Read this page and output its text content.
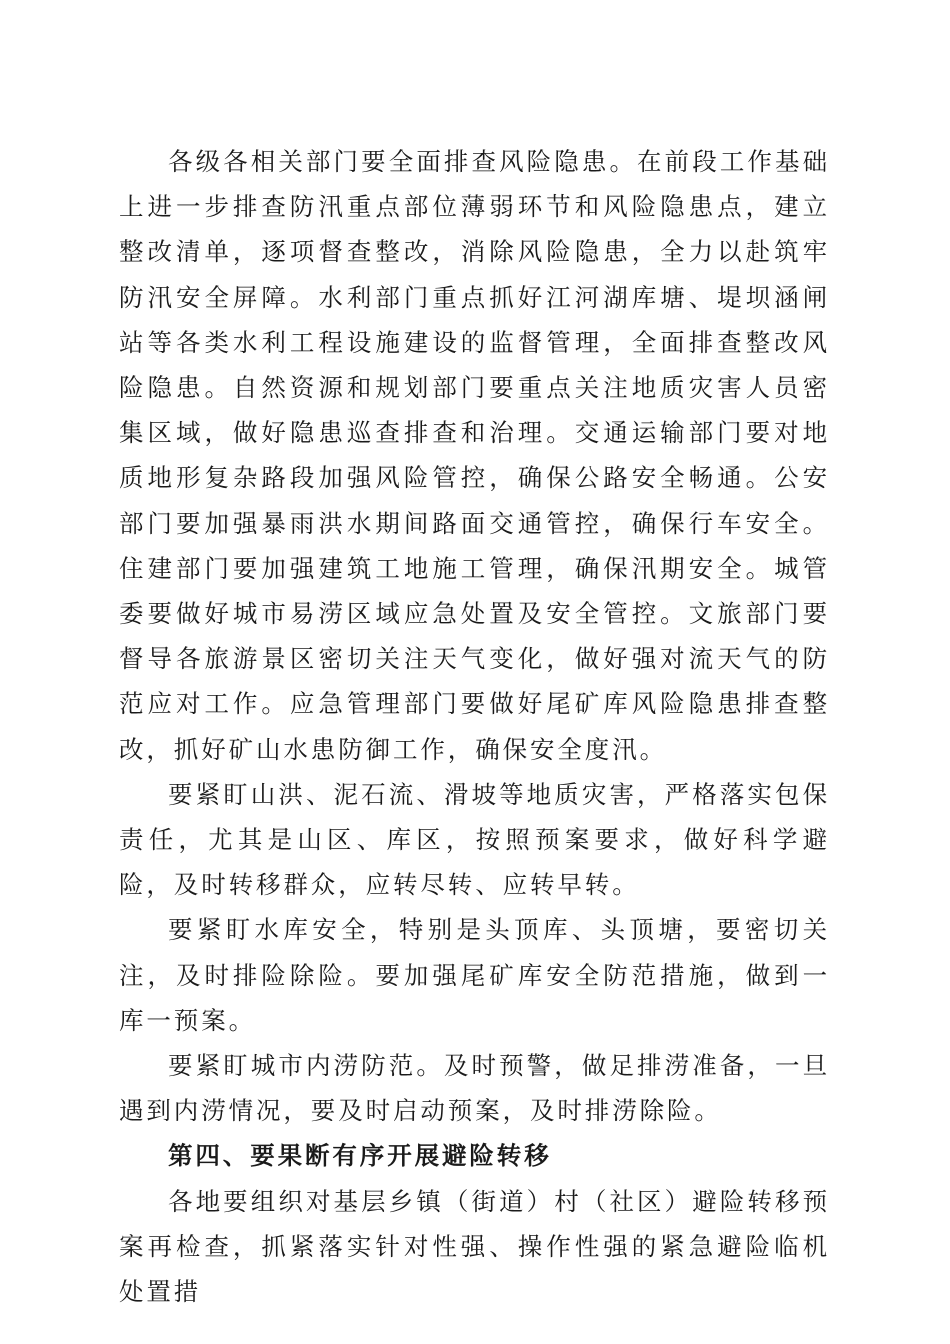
各级各相关部门要全面排查风险隐患。在前段工作基础上进一步排查防汛重点部位薄弱环节和风险隐患点，建立整改清单，逐项督查整改，消除风险隐患，全力以赴筑牢防汛安全屏障。水利部门重点抓好江河湖库塘、堤坝涵闸站等各类水利工程设施建设的监督管理，全面排查整改风险隐患。自然资源和规划部门要重点关注地质灾害人员密集区域，做好隐患巡查排查和治理。交通运输部门要对地质地形复杂路段加强风险管控，确保公路安全畅通。公安部门要加强暴雨洪水期间路面交通管控，确保行车安全。住建部门要加强建筑工地施工管理，确保汛期安全。城管委要做好城市易涝区域应急处置及安全管控。文旅部门要督导各旅游景区密切关注天气变化，做好强对流天气的防范应对工作。应急管理部门要做好尾矿库风险隐患排查整改，抓好矿山水患防御工作，确保安全度汛。

要紧盯山洪、泥石流、滑坡等地质灾害，严格落实包保责任，尤其是山区、库区，按照预案要求，做好科学避险，及时转移群众，应转尽转、应转早转。

要紧盯水库安全，特别是头顶库、头顶塘，要密切关注，及时排险除险。要加强尾矿库安全防范措施，做到一库一预案。

要紧盯城市内涝防范。及时预警，做足排涝准备，一旦遇到内涝情况，要及时启动预案，及时排涝除险。

第四、要果断有序开展避险转移

各地要组织对基层乡镇（街道）村（社区）避险转移预案再检查，抓紧落实针对性强、操作性强的紧急避险临机处置措
